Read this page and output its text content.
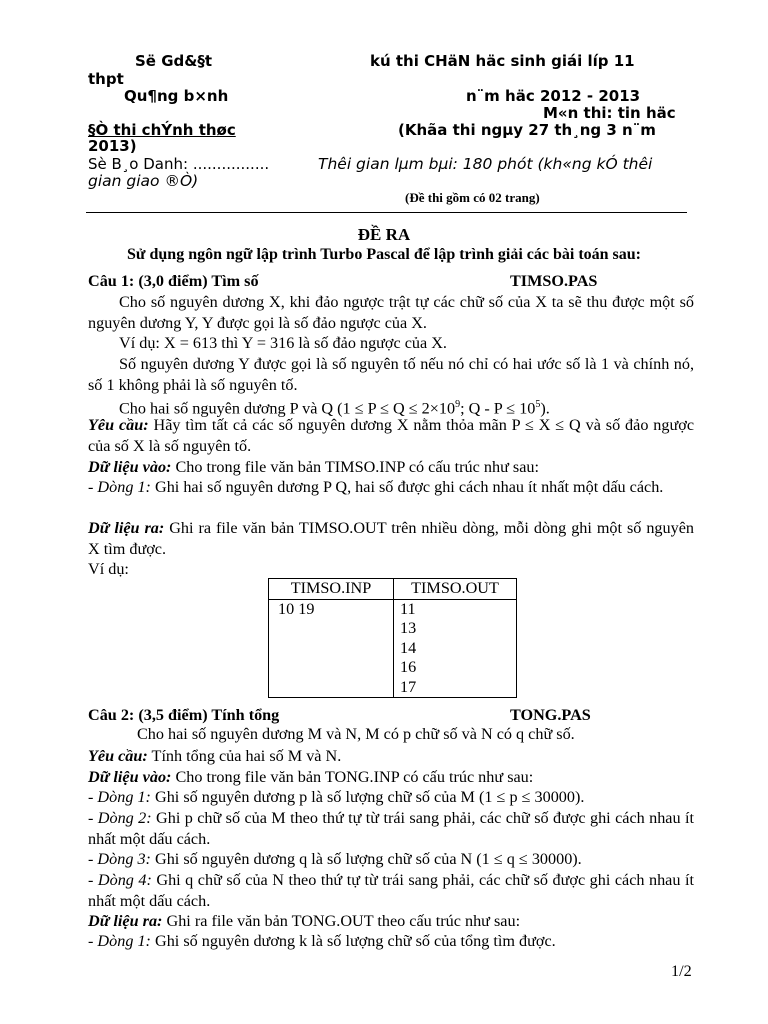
Së Gd&§t	kú thi CHäN häc sinh giái líp 11
thpt
Qu¶ng b×nh	n¨m häc 2012 - 2013
M«n thi: tin häc
§Ò thi chÝnh thøc	(Khãa thi ngµy 27 th¸ng 3 n¨m
2013)
Sè B¸o Danh: ................	Thêi gian lµm bµi: 180 phót (kh«ng kÓ thêi
gian giao ®Ò)
(Đề thi gồm có 02 trang)
ĐỀ RA
Sử dụng ngôn ngữ lập trình Turbo Pascal để lập trình giải các bài toán sau:
Câu 1: (3,0 điểm) Tìm số	TIMSO.PAS
Cho số nguyên dương X, khi đảo ngược trật tự các chữ số của X ta sẽ thu được một số nguyên dương Y, Y được gọi là số đảo ngược của X.
Ví dụ: X = 613 thì Y = 316 là số đảo ngược của X.
Số nguyên dương Y được gọi là số nguyên tố nếu nó chỉ có hai ước số là 1 và chính nó, số 1 không phải là số nguyên tố.
Cho hai số nguyên dương P và Q ($1 \le P \le Q \le 2\times 10^9$; $Q - P \le 10^5$).
Yêu cầu: Hãy tìm tất cả các số nguyên dương X nằm thỏa mãn P ≤ X ≤ Q và số đảo ngược của số X là số nguyên tố.
Dữ liệu vào: Cho trong file văn bản TIMSO.INP có cấu trúc như sau:
- Dòng 1: Ghi hai số nguyên dương P Q, hai số được ghi cách nhau ít nhất một dấu cách.
Dữ liệu ra: Ghi ra file văn bản TIMSO.OUT trên nhiều dòng, mỗi dòng ghi một số nguyên X tìm được.
Ví dụ:
TIMSO.INP	TIMSO.OUT
10 19	11
13
14
16
17
Câu 2: (3,5 điểm) Tính tổng	TONG.PAS
Cho hai số nguyên dương M và N, M có p chữ số và N có q chữ số.
Yêu cầu: Tính tổng của hai số M và N.
Dữ liệu vào: Cho trong file văn bản TONG.INP có cấu trúc như sau:
- Dòng 1: Ghi số nguyên dương p là số lượng chữ số của M (1 ≤ p ≤ 30000).
- Dòng 2: Ghi p chữ số của M theo thứ tự từ trái sang phải, các chữ số được ghi cách nhau ít nhất một dấu cách.
- Dòng 3: Ghi số nguyên dương q là số lượng chữ số của N (1 ≤ q ≤ 30000).
- Dòng 4: Ghi q chữ số của N theo thứ tự từ trái sang phải, các chữ số được ghi cách nhau ít nhất một dấu cách.
Dữ liệu ra: Ghi ra file văn bản TONG.OUT theo cấu trúc như sau:
- Dòng 1: Ghi số nguyên dương k là số lượng chữ số của tổng tìm được.
1/2
